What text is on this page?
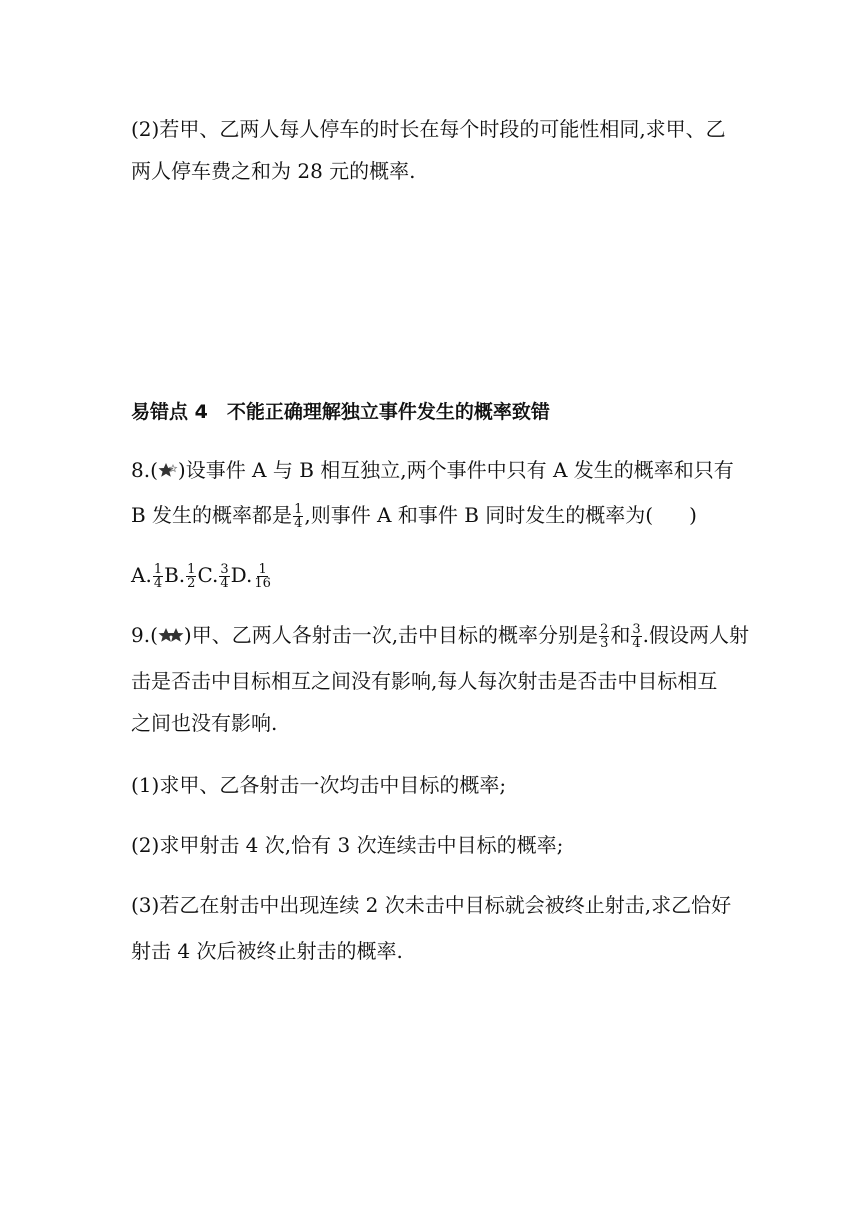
(2)若甲、乙两人每人停车的时长在每个时段的可能性相同,求甲、乙
两人停车费之和为 28 元的概率.
易错点 4　不能正确理解独立事件发生的概率致错
8.( )设事件 A 与 B 相互独立,两个事件中只有 A 发生的概率和只有
B 发生的概率都是 $\frac{1}{4}$ ,则事件 A 和事件 B 同时发生的概率为( )
A. $\frac{1}{4} B$. $\frac{1}{2} C$. $\frac{3}{4} D$. $\frac{1}{16}$
9.( )甲、乙两人各射击一次,击中目标的概率分别是 $\frac{2}{3}$ 和 $\frac{3}{4}$ .假设两人射
击是否击中目标相互之间没有影响,每人每次射击是否击中目标相互
之间也没有影响.
(1)求甲、乙各射击一次均击中目标的概率;
(2)求甲射击 4 次,恰有 3 次连续击中目标的概率;
(3)若乙在射击中出现连续 2 次未击中目标就会被终止射击,求乙恰好
射击 4 次后被终止射击的概率.
